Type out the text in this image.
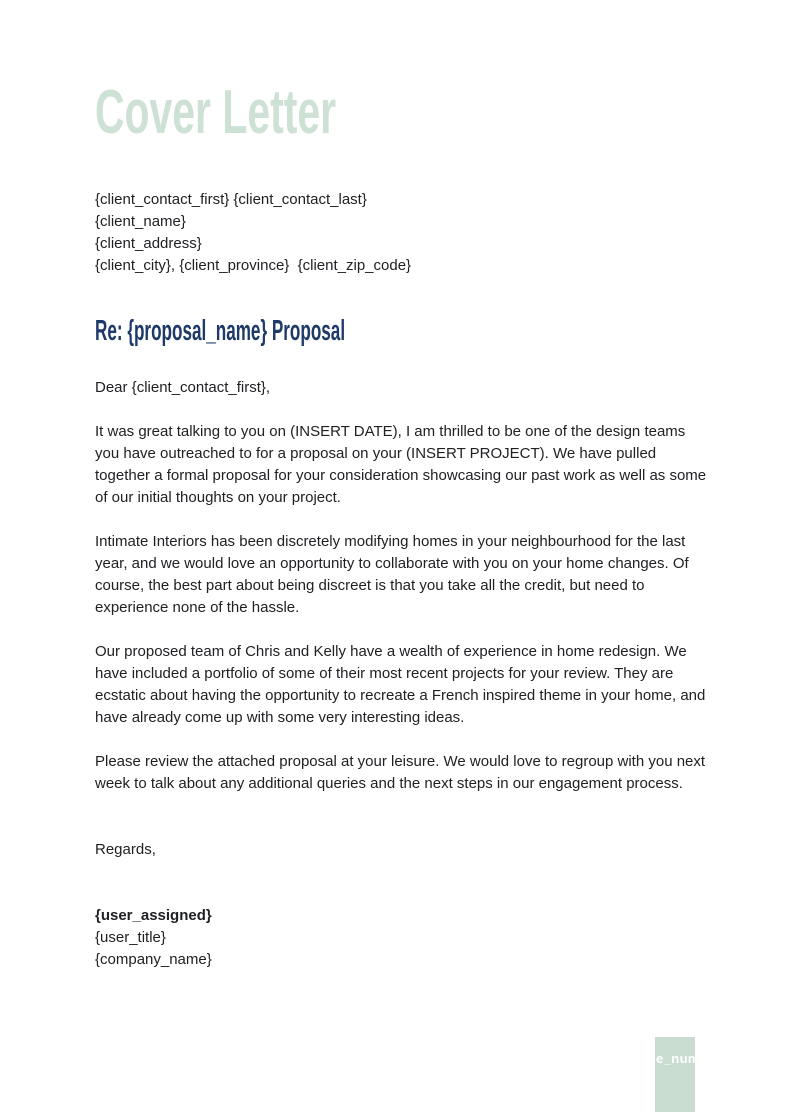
Cover Letter

{client_contact_first} {client_contact_last}

{client_name}

{client_address}

{client_city}, {client_province}  {client_zip_code}

Re: {proposal_name} Proposal

Dear {client_contact_first},

It was great talking to you on (INSERT DATE), I am thrilled to be one of the design teams you have outreached to for a proposal on your (INSERT PROJECT). We have pulled together a formal proposal for your consideration showcasing our past work as well as some of our initial thoughts on your project.

Intimate Interiors has been discretely modifying homes in your neighbourhood for the last year, and we would love an opportunity to collaborate with you on your home changes. Of course, the best part about being discreet is that you take all the credit, but need to experience none of the hassle.

Our proposed team of Chris and Kelly have a wealth of experience in home redesign. We have included a portfolio of some of their most recent projects for your review. They are ecstatic about having the opportunity to recreate a French inspired theme in your home, and have already come up with some very interesting ideas.

Please review the attached proposal at your leisure. We would love to regroup with you next week to talk about any additional queries and the next steps in our engagement process.

Regards,

{user_assigned}

{user_title}

{company_name}

{page_number}
